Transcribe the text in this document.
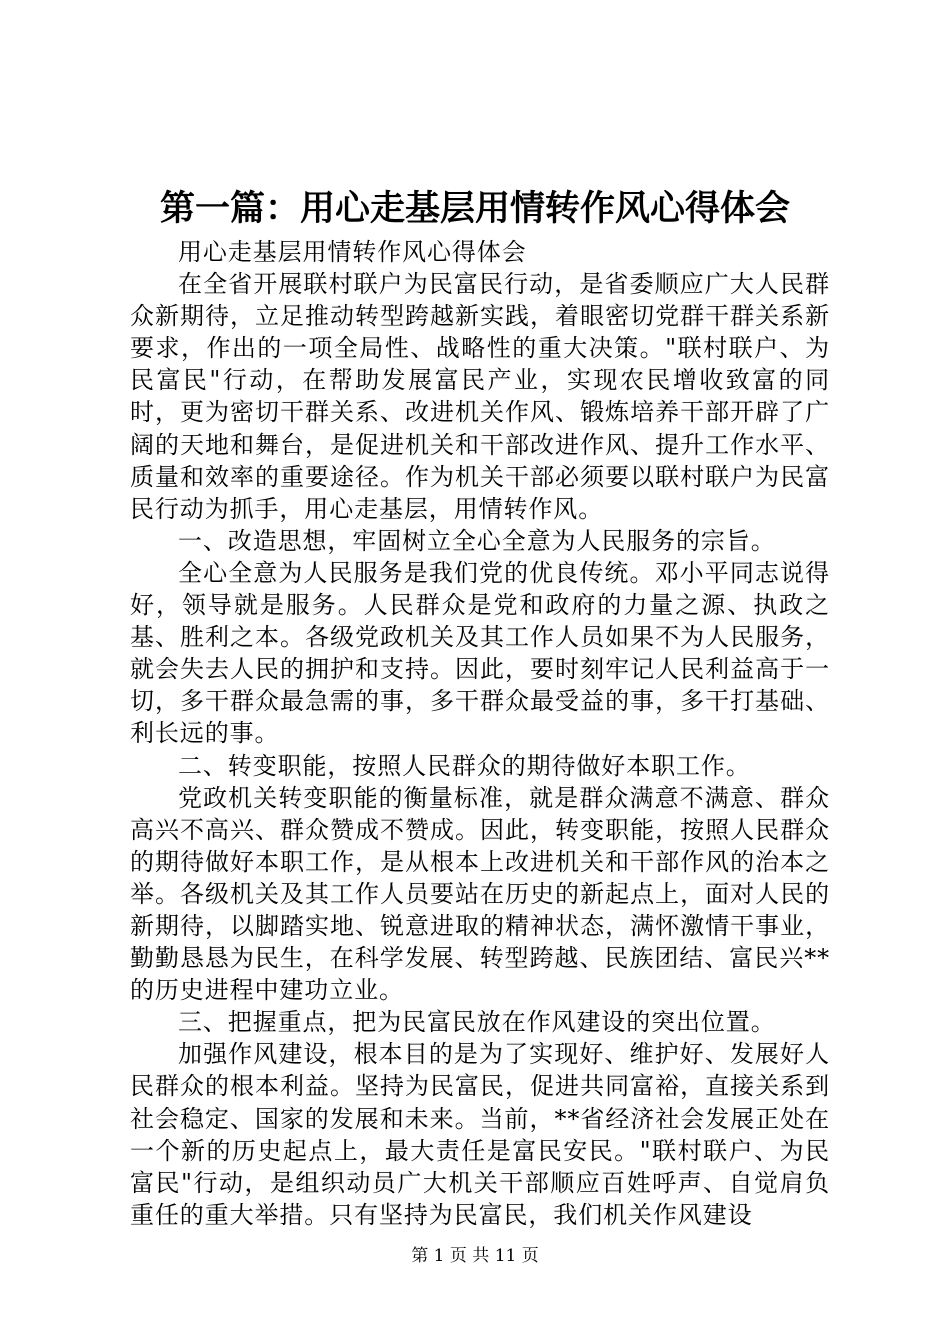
第一篇：用心走基层用情转作风心得体会

用心走基层用情转作风心得体会

在全省开展联村联户为民富民行动，是省委顺应广大人民群众新期待，立足推动转型跨越新实践，着眼密切党群干群关系新要求，作出的一项全局性、战略性的重大决策。"联村联户、为民富民"行动，在帮助发展富民产业，实现农民增收致富的同时，更为密切干群关系、改进机关作风、锻炼培养干部开辟了广阔的天地和舞台，是促进机关和干部改进作风、提升工作水平、质量和效率的重要途径。作为机关干部必须要以联村联户为民富民行动为抓手，用心走基层，用情转作风。

一、改造思想，牢固树立全心全意为人民服务的宗旨。

全心全意为人民服务是我们党的优良传统。邓小平同志说得好，领导就是服务。人民群众是党和政府的力量之源、执政之基、胜利之本。各级党政机关及其工作人员如果不为人民服务，就会失去人民的拥护和支持。因此，要时刻牢记人民利益高于一切，多干群众最急需的事，多干群众最受益的事，多干打基础、利长远的事。

二、转变职能，按照人民群众的期待做好本职工作。

党政机关转变职能的衡量标准，就是群众满意不满意、群众高兴不高兴、群众赞成不赞成。因此，转变职能，按照人民群众的期待做好本职工作，是从根本上改进机关和干部作风的治本之举。各级机关及其工作人员要站在历史的新起点上，面对人民的新期待，以脚踏实地、锐意进取的精神状态，满怀激情干事业，勤勤恳恳为民生，在科学发展、转型跨越、民族团结、富民兴**的历史进程中建功立业。

三、把握重点，把为民富民放在作风建设的突出位置。

加强作风建设，根本目的是为了实现好、维护好、发展好人民群众的根本利益。坚持为民富民，促进共同富裕，直接关系到社会稳定、国家的发展和未来。当前，**省经济社会发展正处在一个新的历史起点上，最大责任是富民安民。"联村联户、为民富民"行动，是组织动员广大机关干部顺应百姓呼声、自觉肩负重任的重大举措。只有坚持为民富民，我们机关作风建设

第 1 页 共 11 页
